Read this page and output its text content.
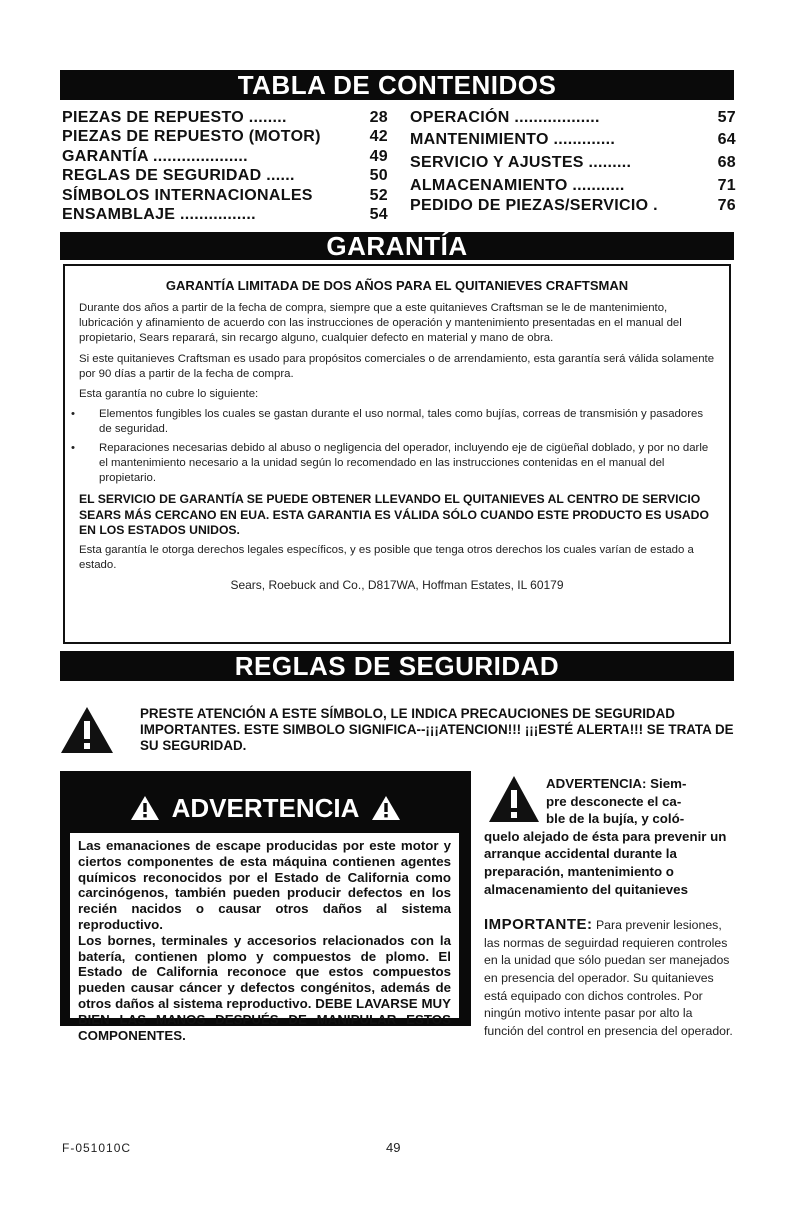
TABLA DE CONTENIDOS
PIEZAS DE REPUESTO ........	28
PIEZAS DE REPUESTO (MOTOR)	42
GARANTÍA ....................	49
REGLAS DE SEGURIDAD ......	50
SÍMBOLOS INTERNACIONALES	52
ENSAMBLAJE ................	54
OPERACIÓN ..................	57
MANTENIMIENTO .............	64
SERVICIO Y AJUSTES .........	68
ALMACENAMIENTO ...........	71
PEDIDO DE PIEZAS/SERVICIO .	76
GARANTÍA
GARANTÍA LIMITADA DE DOS AÑOS PARA EL QUITANIEVES CRAFTSMAN

Durante dos años a partir de la fecha de compra, siempre que a este quitanieves Craftsman se le de mantenimiento, lubricación y afinamiento de acuerdo con las instrucciones de operación y mantenimiento presentadas en el manual del propietario, Sears reparará, sin recargo alguno, cualquier defecto en material y mano de obra.

Si este quitanieves Craftsman es usado para propósitos comerciales o de arrendamiento, esta garantía será válida solamente por 90 días a partir de la fecha de compra.

Esta garantía no cubre lo siguiente:

• Elementos fungibles los cuales se gastan durante el uso normal, tales como bujías, correas de transmisión y pasadores de seguridad.
• Reparaciones necesarias debido al abuso o negligencia del operador, incluyendo eje de cigüeñal doblado, y por no darle el mantenimiento necesario a la unidad según lo recomendado en las instrucciones contenidas en el manual del propietario.

EL SERVICIO DE GARANTÍA SE PUEDE OBTENER LLEVANDO EL QUITANIEVES AL CENTRO DE SERVICIO SEARS MÁS CERCANO EN EUA. ESTA GARANTIA ES VÁLIDA SÓLO CUANDO ESTE PRODUCTO ES USADO EN LOS ESTADOS UNIDOS.

Esta garantía le otorga derechos legales específicos, y es posible que tenga otros derechos los cuales varían de estado a estado.

Sears, Roebuck and Co., D817WA, Hoffman Estates, IL 60179
REGLAS DE SEGURIDAD
PRESTE ATENCIÓN A ESTE SÍMBOLO, LE INDICA PRECAUCIONES DE SEGURIDAD IMPORTANTES. ESTE SIMBOLO SIGNIFICA--¡¡¡ATENCION!!! ¡¡¡ESTÉ ALERTA!!! SE TRATA DE SU SEGURIDAD.
ADVERTENCIA

Las emanaciones de escape producidas por este motor y ciertos componentes de esta máquina contienen agentes químicos reconocidos por el Estado de California como carcinógenos, también pueden producir defectos en los recién nacidos o causar otros daños al sistema reproductivo.

Los bornes, terminales y accesorios relacionados con la batería, contienen plomo y compuestos de plomo. El Estado de California reconoce que estos compuestos pueden causar cáncer y defectos congénitos, además de otros daños al sistema reproductivo. DEBE LAVARSE MUY BIEN LAS MANOS DESPUÉS DE MANIPULAR ESTOS COMPONENTES.

ADVERTENCIA: Siem-
pre desconecte el ca-
ble de la bujía, y coló-
quelo alejado de ésta para prevenir un arranque accidental durante la preparación, mantenimiento o almacenamiento del quitanieves
IMPORTANTE: Para prevenir lesiones, las normas de seguirdad requieren controles en la unidad que sólo puedan ser manejados en presencia del operador. Su quitanieves está equipado con dichos controles. Por ningún motivo intente pasar por alto la función del control en presencia del operador.
F-051010C	49
